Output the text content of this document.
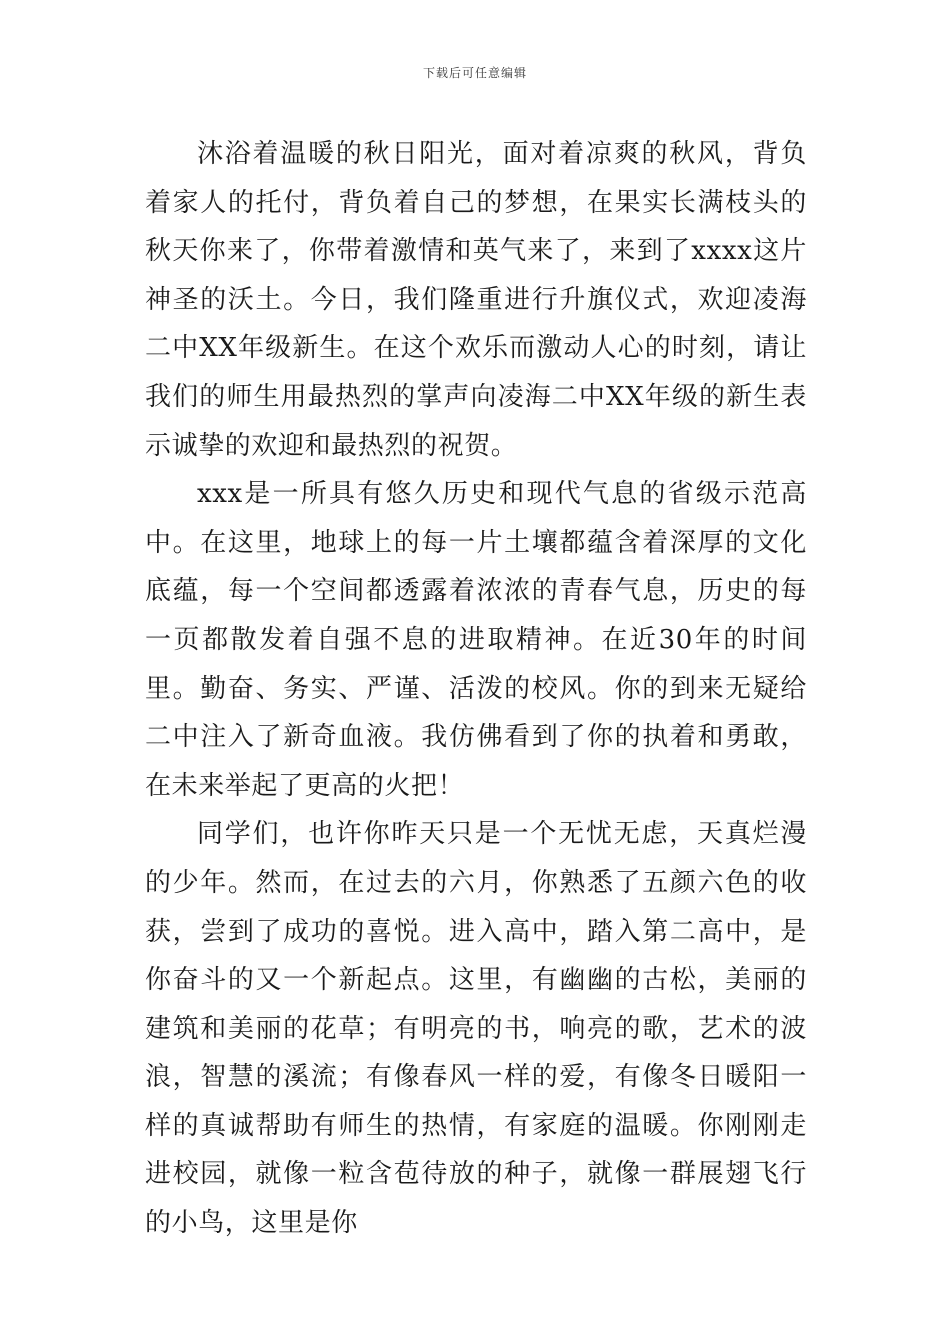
下载后可任意编辑

沐浴着温暖的秋日阳光，面对着凉爽的秋风，背负着家人的托付，背负着自己的梦想，在果实长满枝头的秋天你来了，你带着激情和英气来了，来到了xxxx这片神圣的沃土。今日，我们隆重进行升旗仪式，欢迎凌海二中XX年级新生。在这个欢乐而激动人心的时刻，请让我们的师生用最热烈的掌声向凌海二中XX年级的新生表示诚挚的欢迎和最热烈的祝贺。

xxx是一所具有悠久历史和现代气息的省级示范高中。在这里，地球上的每一片土壤都蕴含着深厚的文化底蕴，每一个空间都透露着浓浓的青春气息，历史的每一页都散发着自强不息的进取精神。在近30年的时间里。勤奋、务实、严谨、活泼的校风。你的到来无疑给二中注入了新奇血液。我仿佛看到了你的执着和勇敢，在未来举起了更高的火把！

同学们，也许你昨天只是一个无忧无虑，天真烂漫的少年。然而，在过去的六月，你熟悉了五颜六色的收获，尝到了成功的喜悦。进入高中，踏入第二高中，是你奋斗的又一个新起点。这里，有幽幽的古松，美丽的建筑和美丽的花草；有明亮的书，响亮的歌，艺术的波浪，智慧的溪流；有像春风一样的爱，有像冬日暖阳一样的真诚帮助有师生的热情，有家庭的温暖。你刚刚走进校园，就像一粒含苞待放的种子，就像一群展翅飞行的小鸟，这里是你
